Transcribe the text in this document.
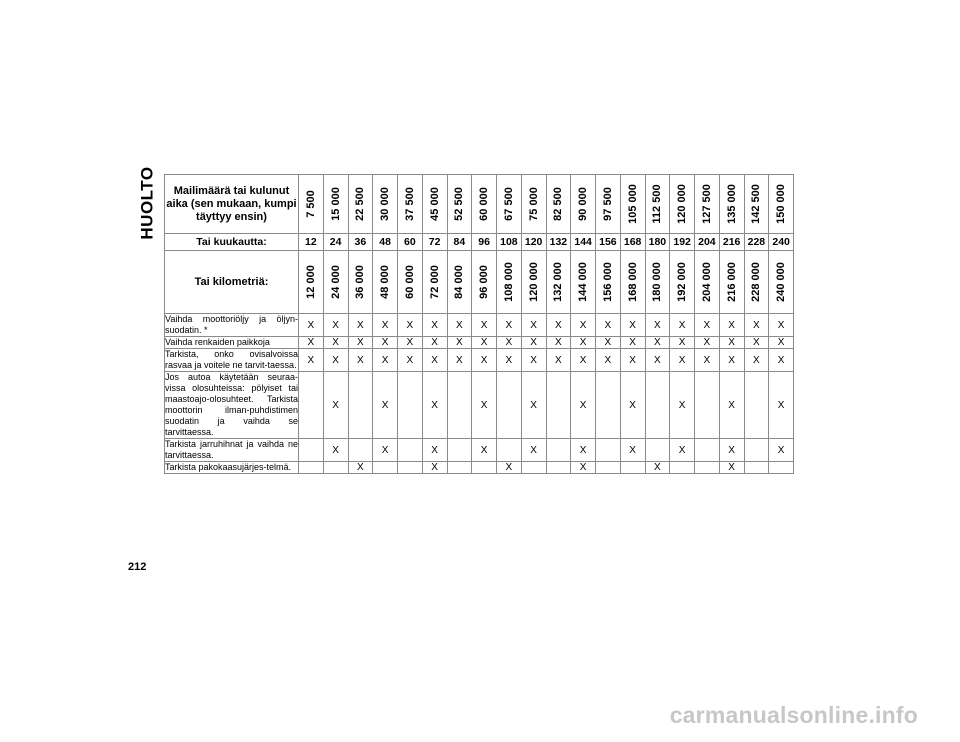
HUOLTO Mailimäärä tai kulunut aika (sen mukaan, kumpi täyttyy ensin)	7 500	15 000	22 500	30 000	37 500	45 000	52 500	60 000	67 500	75 000	82 500	90 000	97 500	105 000	112 500	120 000	127 500	135 000	142 500	150 000

Tai kuukautta:	12	24	36	48	60	72	84	96	108	120	132	144	156	168	180	192	204	216	228	240
Tai kilometriä:	12 000	24 000	36 000	48 000	60 000	72 000	84 000	96 000	108 000	120 000	132 000	144 000	156 000	168 000	180 000	192 000	204 000	216 000	228 000	240 000

Vaihda moottoriöljy ja öljyn-suodatin. *	X	X	X	X	X	X	X	X	X	X	X	X	X	X	X	X	X	X	X	X
Vaihda renkaiden paikkoja	X	X	X	X	X	X	X	X	X	X	X	X	X	X	X	X	X	X	X	X
Tarkista, onko ovisalvoissa rasvaa ja voitele ne tarvit-taessa.	X	X	X	X	X	X	X	X	X	X	X	X	X	X	X	X	X	X	X	X
Jos autoa käytetään seuraa-vissa olosuhteissa: pölyiset tai maastoajo-olosuhteet. Tarkista moottorin ilman-puhdistimen suodatin ja vaihda se tarvittaessa.		X		X		X		X		X		X		X		X		X		X
Tarkista jarruhihnat ja vaihda ne tarvittaessa.		X		X		X		X		X		X		X		X		X		X
Tarkista pakokaasujärjes-telmä.			X			X			X			X			X			X		
212
carmanualsonline.info
